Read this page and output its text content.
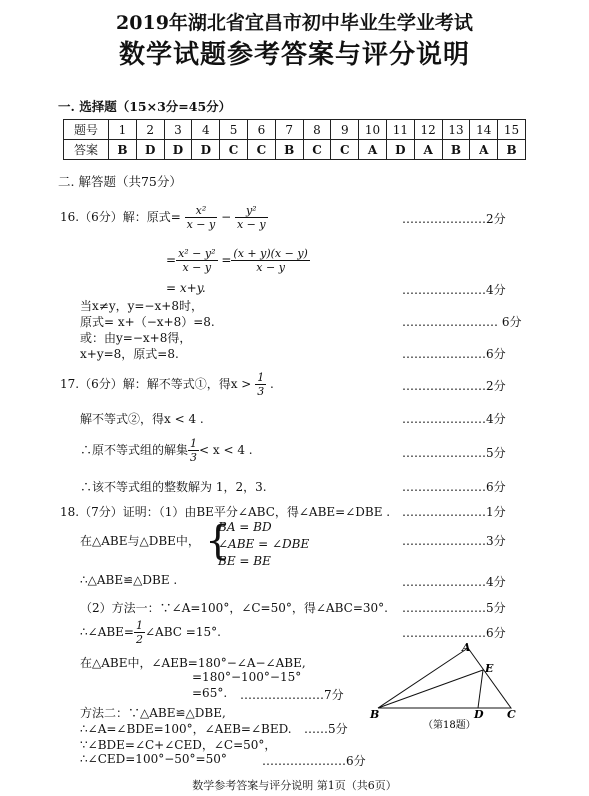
2019年湖北省宜昌市初中毕业生学业考试
数学试题参考答案与评分说明
一. 选择题（15×3分=45分）
题号	1	2	3	4	5	6	7	8	9	10	11	12	13	14	15
答案	B	D	D	D	C	C	B	C	C	A	D	A	B	A	B
二. 解答题（共75分）
16.（6分）解：原式= $\frac{\text{x²}}{x - y} - \frac{\text{y²}}{x - y}$	…………………2分
= $\frac{\text{x² − y²}}{x - y} = \frac{(x + y)(x - y)}{x - y}$
= x+y.	…………………4分
当x≠y，y=−x+8时，
原式= x+（−x+8）=8.	…………………… 6分
或：由y=−x+8得，
x+y=8，原式=8.	…………………6分
17.（6分）解：解不等式①，得$x > \frac{1}{3}$ .	…………………2分
解不等式②，得x < 4 .	…………………4分
∴原不等式组的解集 $\frac{1}{3} < x < 4$ .	…………………5分
∴该不等式组的整数解为 1，2，3.	…………………6分
18.（7分）证明：（1）由BE平分∠ABC，得∠ABE=∠DBE . …………………1分
在△ABE与△DBE中， {
BA = BD
∠ABE = ∠DBE
BE = BE
…………………3分
∴△ABE≌△DBE .	…………………4分
（2）方法一：∵∠A=100°，∠C=50°，得∠ABC=30°. …………………5分
∴∠ABE= $\frac{1}{2}$ ∠ABC =15°.	…………………6分
在△ABE中，∠AEB=180°−∠A−∠ABE,
=180°−100°−15°
=65°. …………………7分
方法二：∵△ABE≌△DBE,
∴∠A=∠BDE=100°，∠AEB=∠BED. ……5分
∵∠BDE=∠C+∠CED，∠C=50°，
∴∠CED=100°−50°=50°	…………………6分
A
E
B	D C
（第18题）
数学参考答案与评分说明 第1页（共6页）
